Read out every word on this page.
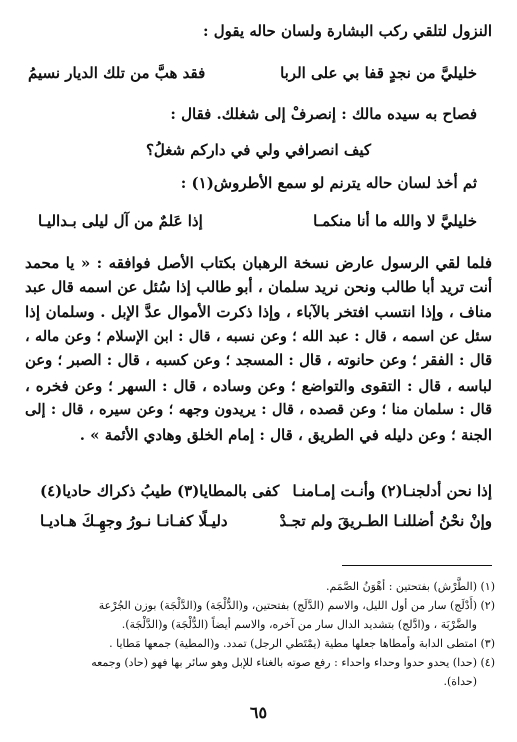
النزول لتلقي ركب البشارة ولسان حاله يقول :
خليليَّ من نجدٍ قفا بي على الربا
فقد هبَّ من تلك الديار نسيمُ
فصاح به سيده مالك : إنصرفْ إلى شغلك. فقال :
كيف انصرافي ولي في داركم شغلُ؟
ثم أخذ لسان حاله يترنم لو سمع الأطروش(١) :
خليليَّ لا والله ما أنا منكمـا
إذا عَلمٌ من آل ليلى بـداليـا
فلما لقي الرسول عارض نسخة الرهبان بكتاب الأصل فوافقه : « يا محمد
أنت تريد أبا طالب ونحن نريد سلمان ، أبو طالب إذا سُئل عن اسمه قال عبد
مناف ، وإذا انتسب افتخر بالآباء ، وإذا ذكرت الأموال عدَّ الإبل . وسلمان إذا
سئل عن اسمه ، قال : عبد الله ؛ وعن نسبه ، قال : ابن الإسلام ؛ وعن ماله ،
قال : الفقر ؛ وعن حانوته ، قال : المسجد ؛ وعن كسبه ، قال : الصبر ؛ وعن
لباسه ، قال : التقوى والتواضع ؛ وعن وساده ، قال : السهر ؛ وعن فخره ،
قال : سلمان منا ؛ وعن قصده ، قال : يريدون وجهه ؛ وعن سيره ، قال : إلى
الجنة ؛ وعن دليله في الطريق ، قال : إمام الخلق وهادي الأئمة » .
إذا نحن أدلجنـا(٢) وأنـت إمـامنـا
كفى بالمطايا(٣) طيبُ ذكراك حاديا(٤)
وإنْ نحْنُ أضللنـا الطـريقَ ولم تجـدْ
دليـلًا كفـانـا نـورُ وجهِـكَ هـاديـا
(١) (الطَّرْش) بفتحتين : أهْوَنُ الصَّمَم.
(٢) (أَدْلَج) سار من أول الليل، والاسم (الدَّلَج) بفتحتين، و(الدُّلْجَة) و(الدَّلْجَة) بوزن الجُرْعة
والضَّرْبَة ، و(ادَّلج) بتشديد الدال سار من آخره، والاسم أيضاً (الدُّلْجَة) و(الدَّلْجَة).
(٣) امتطى الدابة وأمطاها جعلها مطية (يمْتَطي الرجل) تمدد. و(المطية) جمعها مَطايا .
(٤) (حدا) يحدو حدوا وحداء واحداء : رفع صوته بالغناء للإبل وهو سائر بها فهو (حاد) وجمعه
(حداة).
٦٥
